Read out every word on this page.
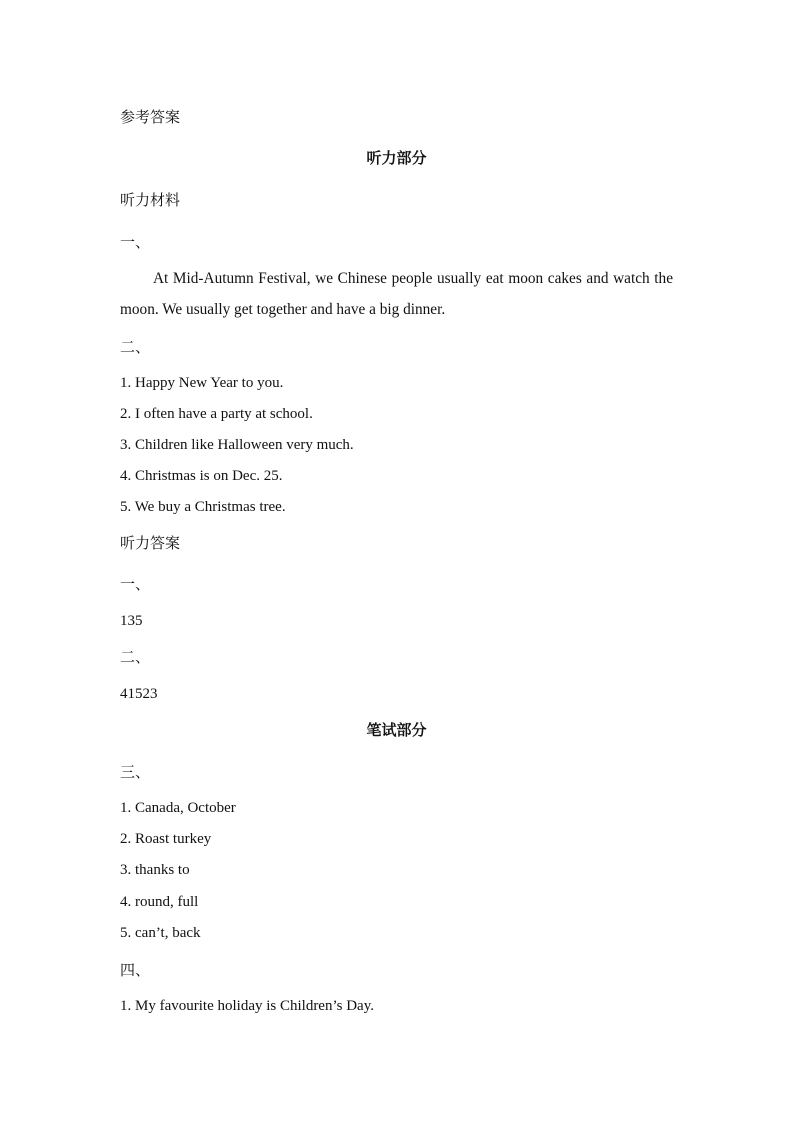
参考答案
听力部分
听力材料
一、
At Mid-Autumn Festival, we Chinese people usually eat moon cakes and watch the moon. We usually get together and have a big dinner.
二、
1. Happy New Year to you.
2. I often have a party at school.
3. Children like Halloween very much.
4. Christmas is on Dec. 25.
5. We buy a Christmas tree.
听力答案
一、
135
二、
41523
笔试部分
三、
1. Canada, October
2. Roast turkey
3. thanks to
4. round, full
5. can’t, back
四、
1. My favourite holiday is Children’s Day.
